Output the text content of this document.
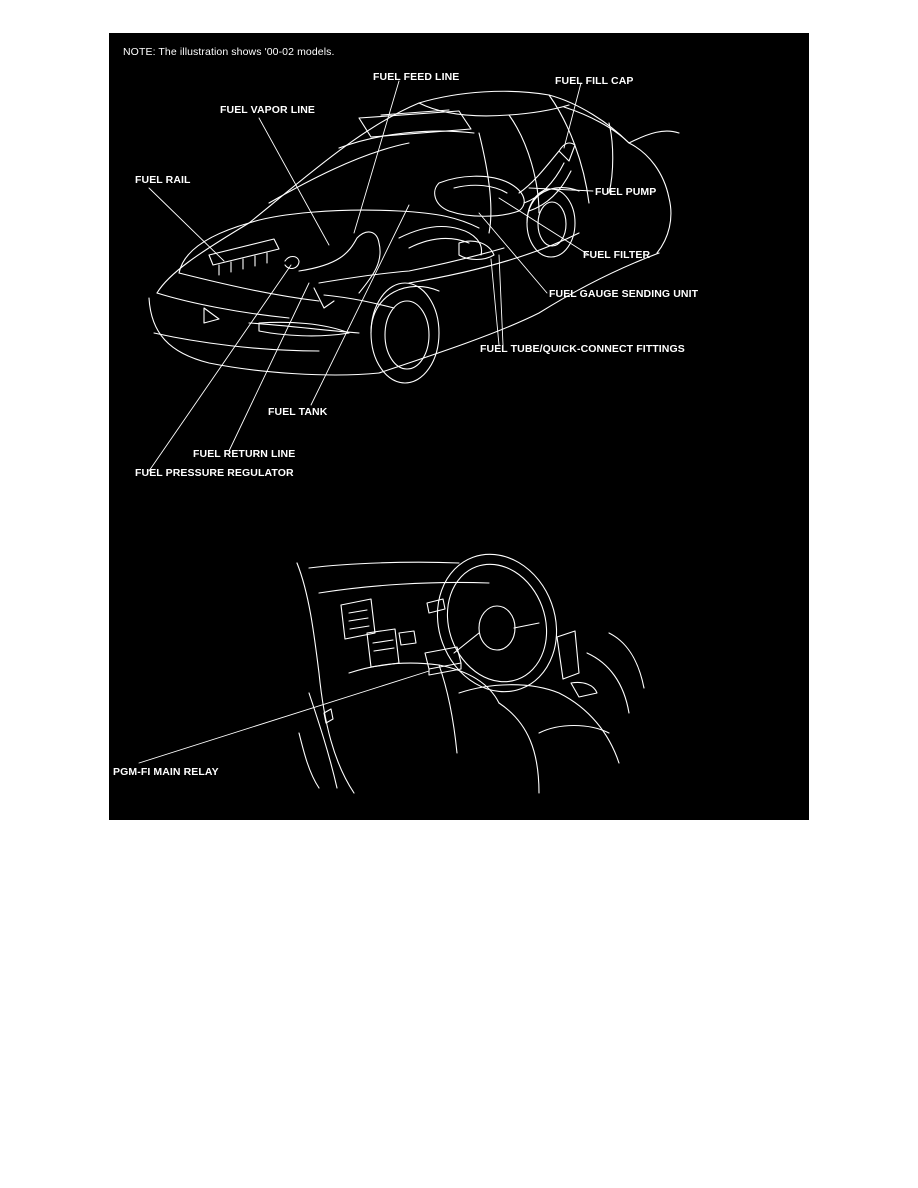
NOTE: The illustration shows '00-02 models.
FUEL FEED LINE	FUEL FILL CAP
FUEL VAPOR LINE
FUEL RAIL
FUEL PUMP
FUEL FILTER
FUEL GAUGE SENDING UNIT
FUEL TUBE/QUICK-CONNECT FITTINGS
FUEL TANK
FUEL RETURN LINE
FUEL PRESSURE REGULATOR
PGM-FI MAIN RELAY
